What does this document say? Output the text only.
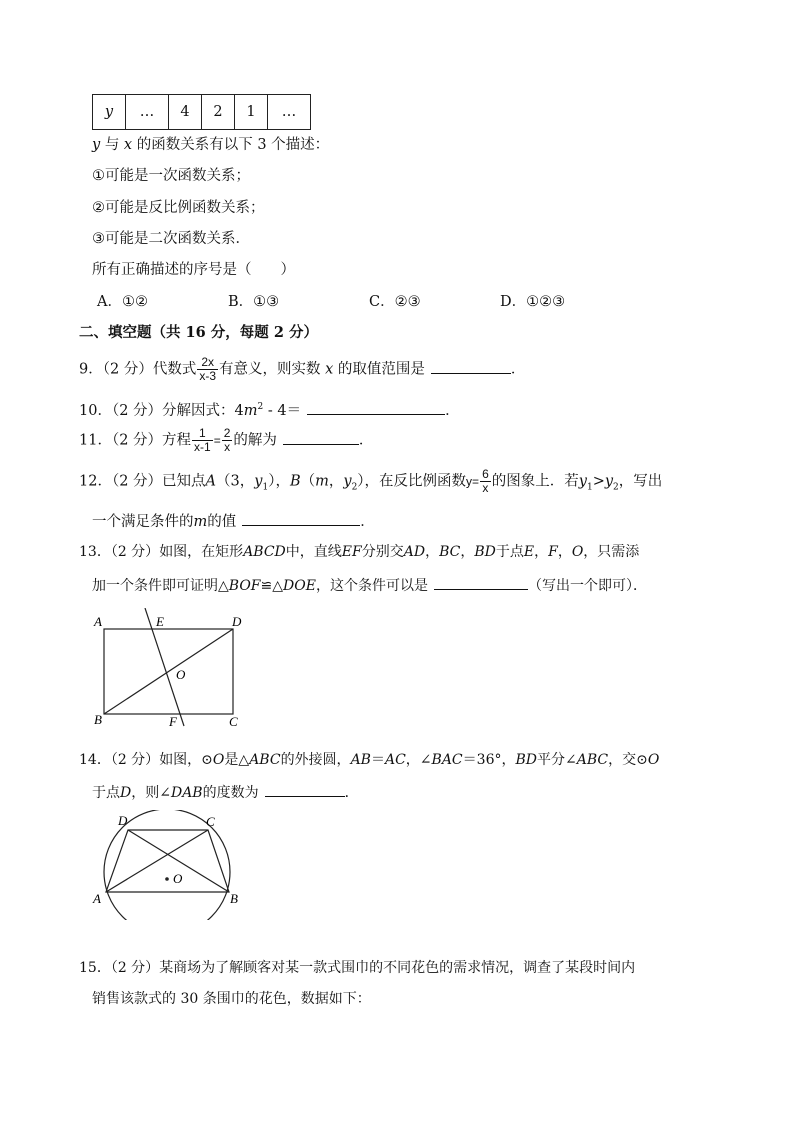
y	…	4	2	1	…
y 与 x 的函数关系有以下 3 个描述：
①可能是一次函数关系；
②可能是反比例函数关系；
③可能是二次函数关系．
所有正确描述的序号是（　　）
A．①②	B．①③	C．②③	D．①②③
二、填空题（共 16 分，每题 2 分）
9．（2 分）代数式 $\frac{2x}{x-3}$ 有意义，则实数 x 的取值范围是	．
10．（2 分）分解因式：$4m^2 - 4=$	．
11．（2 分）方程 $\frac{1}{x-1} = \frac{2}{x}$ 的解为	．
12．（2 分）已知点A（3，$y_1$），B（m，$y_2$），在反比例函数$y= \frac{6}{x}$ 的图象上．若$y_1>y_2$，写出
一个满足条件的m的值	．
13．（2 分）如图，在矩形ABCD中，直线EF分别交AD，BC，BD于点E，F，O，只需添
加一个条件即可证明△BOF≌△DOE，这个条件可以是	（写出一个即可）．
A	E	D
O
B	F	C
14．（2 分）如图，⊙O是△ABC的外接圆，AB＝AC，∠BAC＝36°，BD平分∠ABC，交⊙O
于点D，则∠DAB的度数为	．
D	C
O
A	B
15．（2 分）某商场为了解顾客对某一款式围巾的不同花色的需求情况，调查了某段时间内
销售该款式的 30 条围巾的花色，数据如下：
